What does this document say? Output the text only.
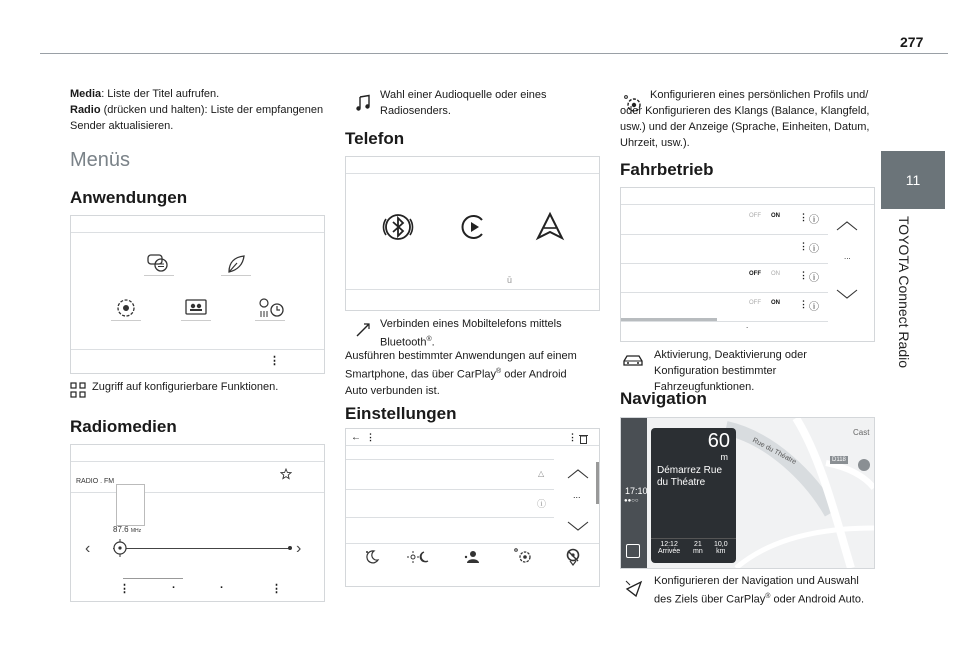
277
11
TOYOTA Connect Radio
Media: Liste der Titel aufrufen.
Radio (drücken und halten): Liste der empfangenen Sender aktualisieren.
Menüs
Anwendungen
⋮
Zugriff auf konfigurierbare Funktionen.
Radiomedien
RADIO . FM
87.6 MHz
‹	›
⋮	·	·	⋮
Wahl einer Audioquelle oder eines Radiosenders.
Telefon
ū
Verbinden eines Mobiltelefons mittels Bluetooth®.
Ausführen bestimmter Anwendungen auf einem Smartphone, das über CarPlay® oder Android Auto verbunden ist.
Einstellungen
← ⋮	⋮
△
ⓘ
...
Konfigurieren eines persönlichen Profils und/ oder Konfigurieren des Klangs (Balance, Klangfeld, usw.) und der Anzeige (Sprache, Einheiten, Datum, Uhrzeit, usw.).
Fahrbetrieb
OFF ON ⋮ ⓘ
⋮ ⓘ
OFF ON ⋮ ⓘ
OFF ON ⋮ ⓘ
...
.
Aktivierung, Deaktivierung oder Konfiguration bestimmter Fahrzeugfunktionen.
Navigation
17:10
●●○○
60
m
Démarrez Rue du Théatre
12:12
Arrivée
21
mn
10,0
km
Rue du Théatre
Cast
D118
Konfigurieren der Navigation und Auswahl des Ziels über CarPlay® oder Android Auto.
